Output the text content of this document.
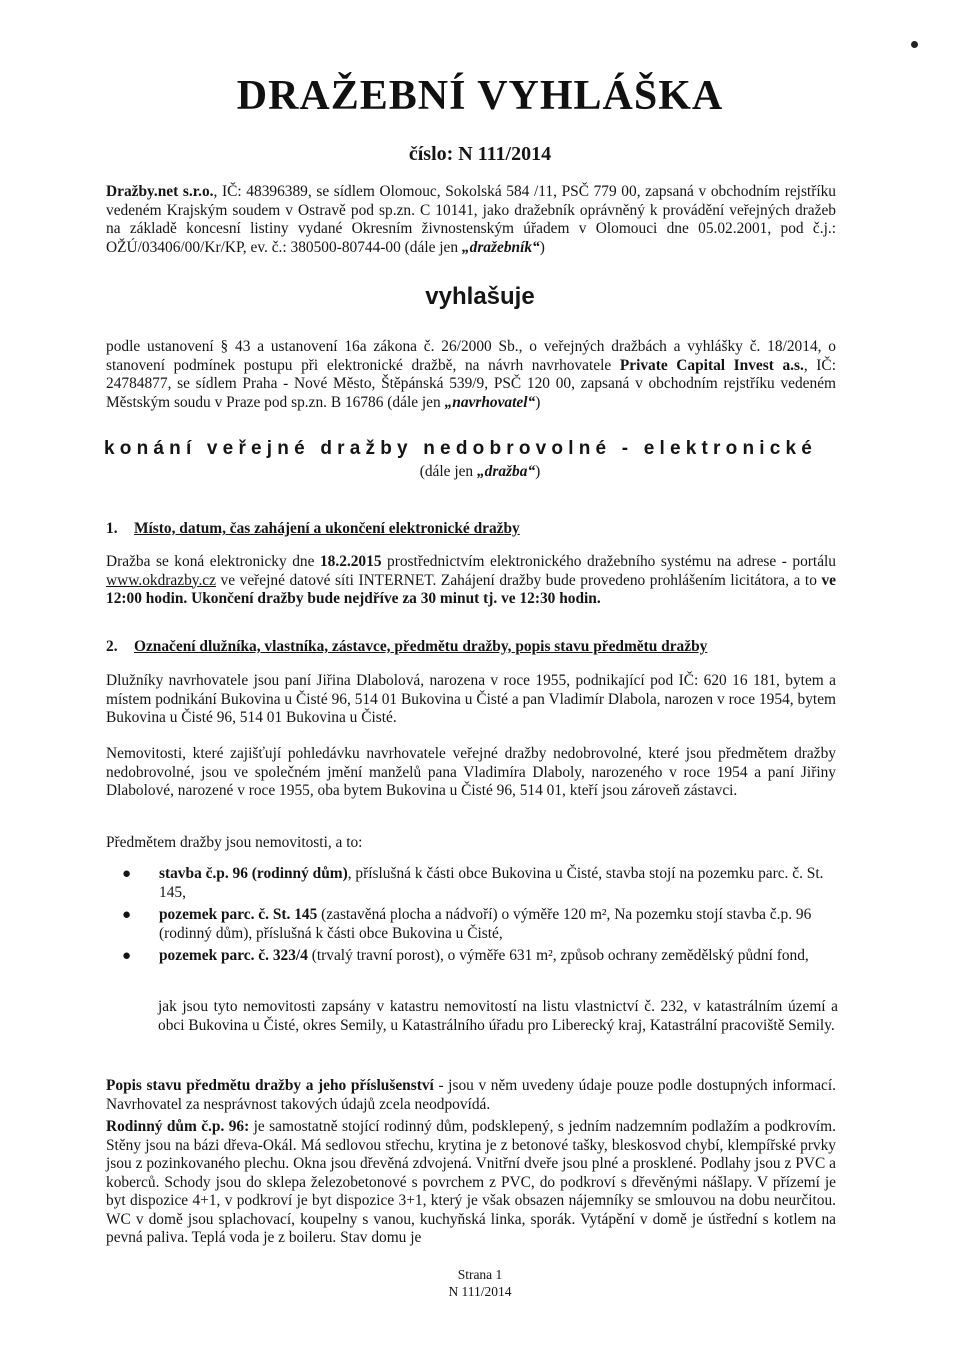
DRAŽEBNÍ VYHLÁŠKA
číslo: N 111/2014

Dražby.net s.r.o., IČ: 48396389, se sídlem Olomouc, Sokolská 584 /11, PSČ 779 00, zapsaná v obchodním rejstříku vedeném Krajským soudem v Ostravě pod sp.zn. C 10141, jako dražebník oprávněný k provádění veřejných dražeb na základě koncesní listiny vydané Okresním živnostenským úřadem v Olomouci dne 05.02.2001, pod č.j.: OŽÚ/03406/00/Kr/KP, ev. č.: 380500-80744-00 (dále jen „dražebník“)

vyhlašuje

podle ustanovení § 43 a ustanovení 16a zákona č. 26/2000 Sb., o veřejných dražbách a vyhlášky č. 18/2014, o stanovení podmínek postupu při elektronické dražbě, na návrh navrhovatele Private Capital Invest a.s., IČ: 24784877, se sídlem Praha - Nové Město, Štěpánská 539/9, PSČ 120 00, zapsaná v obchodním rejstříku vedeném Městským soudu v Praze pod sp.zn. B 16786 (dále jen „navrhovatel“)

konání veřejné dražby nedobrovolné - elektronické
(dále jen „dražba“)
1. Místo, datum, čas zahájení a ukončení elektronické dražby

Dražba se koná elektronicky dne 18.2.2015 prostřednictvím elektronického dražebního systému na adrese - portálu www.okdrazby.cz ve veřejné datové síti INTERNET. Zahájení dražby bude provedeno prohlášením licitátora, a to ve 12:00 hodin. Ukončení dražby bude nejdříve za 30 minut tj. ve 12:30 hodin.

2. Označení dlužníka, vlastníka, zástavce, předmětu dražby, popis stavu předmětu dražby

Dlužníky navrhovatele jsou paní Jiřina Dlabolová, narozena v roce 1955, podnikající pod IČ: 620 16 181, bytem a místem podnikání Bukovina u Čisté 96, 514 01 Bukovina u Čisté a pan Vladimír Dlabola, narozen v roce 1954, bytem Bukovina u Čisté 96, 514 01 Bukovina u Čisté.

Nemovitosti, které zajišťují pohledávku navrhovatele veřejné dražby nedobrovolné, které jsou předmětem dražby nedobrovolné, jsou ve společném jmění manželů pana Vladimíra Dlaboly, narozeného v roce 1954 a paní Jiřiny Dlabolové, narozené v roce 1955, oba bytem Bukovina u Čisté 96, 514 01, kteří jsou zároveň zástavci.

Předmětem dražby jsou nemovitosti, a to:

● stavba č.p. 96 (rodinný dům), příslušná k části obce Bukovina u Čisté, stavba stojí na pozemku parc. č. St. 145,
● pozemek parc. č. St. 145 (zastavěná plocha a nádvoří) o výměře 120 m², Na pozemku stojí stavba č.p. 96 (rodinný dům), příslušná k části obce Bukovina u Čisté,
● pozemek parc. č. 323/4 (trvalý travní porost), o výměře 631 m², způsob ochrany zemědělský půdní fond,

jak jsou tyto nemovitosti zapsány v katastru nemovitostí na listu vlastnictví č. 232, v katastrálním území a obci Bukovina u Čisté, okres Semily, u Katastrálního úřadu pro Liberecký kraj, Katastrální pracoviště Semily.

Popis stavu předmětu dražby a jeho příslušenství - jsou v něm uvedeny údaje pouze podle dostupných informací. Navrhovatel za nesprávnost takových údajů zcela neodpovídá.

Rodinný dům č.p. 96: je samostatně stojící rodinný dům, podsklepený, s jedním nadzemním podlažím a podkrovím. Stěny jsou na bázi dřeva-Okál. Má sedlovou střechu, krytina je z betonové tašky, bleskosvod chybí, klempířské prvky jsou z pozinkovaného plechu. Okna jsou dřevěná zdvojená. Vnitřní dveře jsou plné a prosklené. Podlahy jsou z PVC a koberců. Schody jsou do sklepa železobetonové s povrchem z PVC, do podkroví s dřevěnými nášlapy. V přízemí je byt dispozice 4+1, v podkroví je byt dispozice 3+1, který je však obsazen nájemníky se smlouvou na dobu neurčitou. WC v domě jsou splachovací, koupelny s vanou, kuchyňská linka, sporák. Vytápění v domě je ústřední s kotlem na pevná paliva. Teplá voda je z boileru. Stav domu je

Strana 1
N 111/2014
